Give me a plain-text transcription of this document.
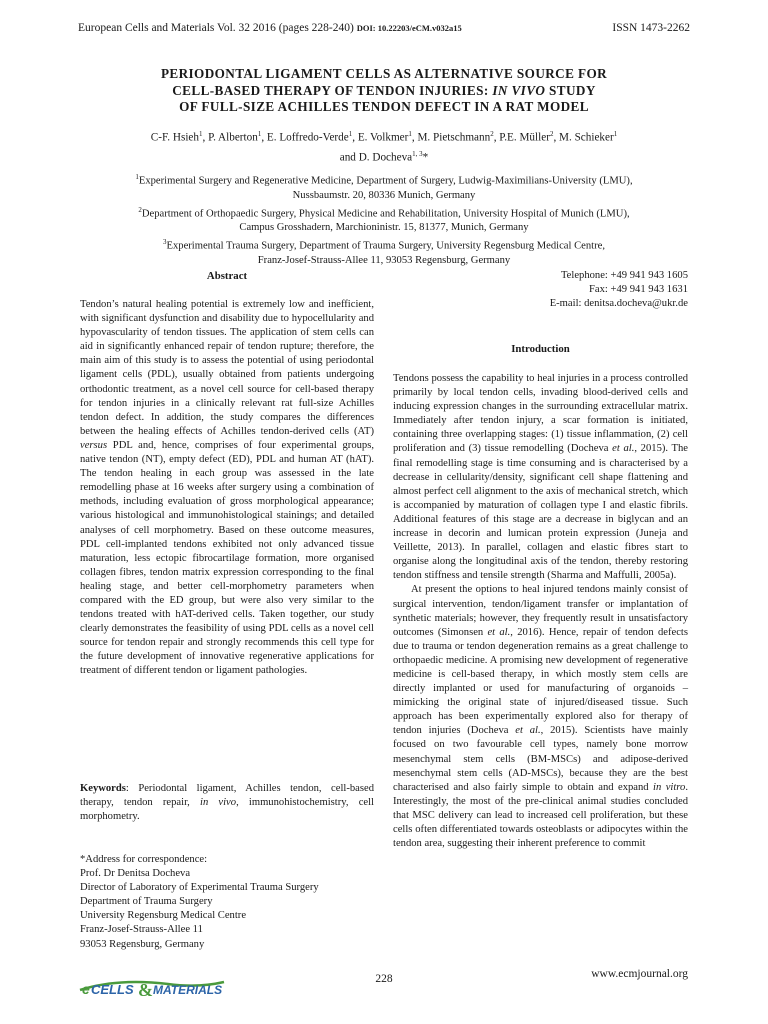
European Cells and Materials Vol. 32 2016 (pages 228-240) DOI: 10.22203/eCM.v032a15	ISSN 1473-2262
PERIODONTAL LIGAMENT CELLS AS ALTERNATIVE SOURCE FOR
CELL-BASED THERAPY OF TENDON INJURIES: IN VIVO STUDY
OF FULL-SIZE ACHILLES TENDON DEFECT IN A RAT MODEL
C-F. Hsieh$^1$, P. Alberton$^1$, E. Loffredo-Verde$^1$, E. Volkmer$^1$, M. Pietschmann$^2$, P.E. Müller$^2$, M. Schieker$^1$
and D. Docheva$^{1, 3}$*

$^1$Experimental Surgery and Regenerative Medicine, Department of Surgery, Ludwig-Maximilians-University (LMU),
Nussbaumstr. 20, 80336 Munich, Germany

$^2$Department of Orthopaedic Surgery, Physical Medicine and Rehabilitation, University Hospital of Munich (LMU),
Campus Grosshadern, Marchioninistr. 15, 81377, Munich, Germany

$^3$Experimental Trauma Surgery, Department of Trauma Surgery, University Regensburg Medical Centre,
Franz-Josef-Strauss-Allee 11, 93053 Regensburg, Germany

Abstract

Tendon’s natural healing potential is extremely low and inefficient, with significant dysfunction and disability due to hypocellularity and hypovascularity of tendon tissues. The application of stem cells can aid in significantly enhanced repair of tendon rupture; therefore, the main aim of this study is to assess the potential of using periodontal ligament cells (PDL), usually obtained from patients undergoing orthodontic treatment, as a novel cell source for cell-based therapy for tendon injuries in a clinically relevant rat full-size Achilles tendon defect. In addition, the study compares the differences between the healing effects of Achilles tendon-derived cells (AT) versus PDL and, hence, comprises of four experimental groups, native tendon (NT), empty defect (ED), PDL and human AT (hAT). The tendon healing in each group was assessed in the late remodelling phase at 16 weeks after surgery using a combination of methods, including evaluation of gross morphological appearance; various histological and immunohistological stainings; and detailed analyses of cell morphometry. Based on these outcome measures, PDL cell-implanted tendons exhibited not only advanced tissue maturation, less ectopic fibrocartilage formation, more organised collagen fibres, tendon matrix expression corresponding to the final healing stage, and better cell-morphometry parameters when compared with the ED group, but were also very similar to the tendons treated with hAT-derived cells. Taken together, our study clearly demonstrates the feasibility of using PDL cells as a novel cell source for tendon repair and strongly recommends this cell type for the future development of innovative regenerative applications for treatment of different tendon or ligament pathologies.

Keywords: Periodontal ligament, Achilles tendon, cell-based therapy, tendon repair, in vivo, immunohistochemistry, cell morphometry.

*Address for correspondence:

Prof. Dr Denitsa Docheva

Director of Laboratory of Experimental Trauma Surgery

Department of Trauma Surgery

University Regensburg Medical Centre

Franz-Josef-Strauss-Allee 11

93053 Regensburg, Germany

Telephone: +49 941 943 1605
Fax: +49 941 943 1631
E-mail: denitsa.docheva@ukr.de
Introduction

Tendons possess the capability to heal injuries in a process controlled primarily by local tendon cells, invading blood-derived cells and inducing expression changes in the surrounding extracellular matrix. Immediately after tendon injury, a scar formation is initiated, containing three overlapping stages: (1) tissue inflammation, (2) cell proliferation and (3) tissue remodelling (Docheva et al., 2015). The final remodelling stage is time consuming and is characterised by a decrease in cellularity/density, significant cell shape flattening and almost perfect cell alignment to the axis of mechanical stretch, which is accompanied by maturation of collagen type I and elastic fibrils. Additional features of this stage are a decrease in biglycan and an increase in decorin and lumican protein expression (Juneja and Veillette, 2013). In parallel, collagen and elastic fibres start to organise along the longitudinal axis of the tendon, thereby restoring tendon stiffness and tensile strength (Sharma and Maffulli, 2005a).

At present the options to heal injured tendons mainly consist of surgical intervention, tendon/ligament transfer or implantation of synthetic materials; however, they frequently result in unsatisfactory outcomes (Simonsen et al., 2016). Hence, repair of tendon defects due to trauma or tendon degeneration remains as a great challenge to orthopaedic medicine. A promising new development of regenerative medicine is cell-based therapy, in which mostly stem cells are directly implanted or used for manufacturing of organoids – mimicking the original state of injured/diseased tissue. Such approach has been experimentally explored also for therapy of tendon injuries (Docheva et al., 2015). Scientists have mainly focused on two favourable cell types, namely bone morrow mesenchymal stem cells (BM-MSCs) and adipose-derived mesenchymal stem cells (AD-MSCs), because they are the best characterised and also fairly simple to obtain and expand in vitro. Interestingly, the most of the pre-clinical animal studies concluded that MSC delivery can lead to increased cell proliferation, but these cells often differentiated towards osteoblasts or adipocytes within the tendon area, suggesting their inherent preference to commit

e CELLS & MATERIALS
228	www.ecmjournal.org
